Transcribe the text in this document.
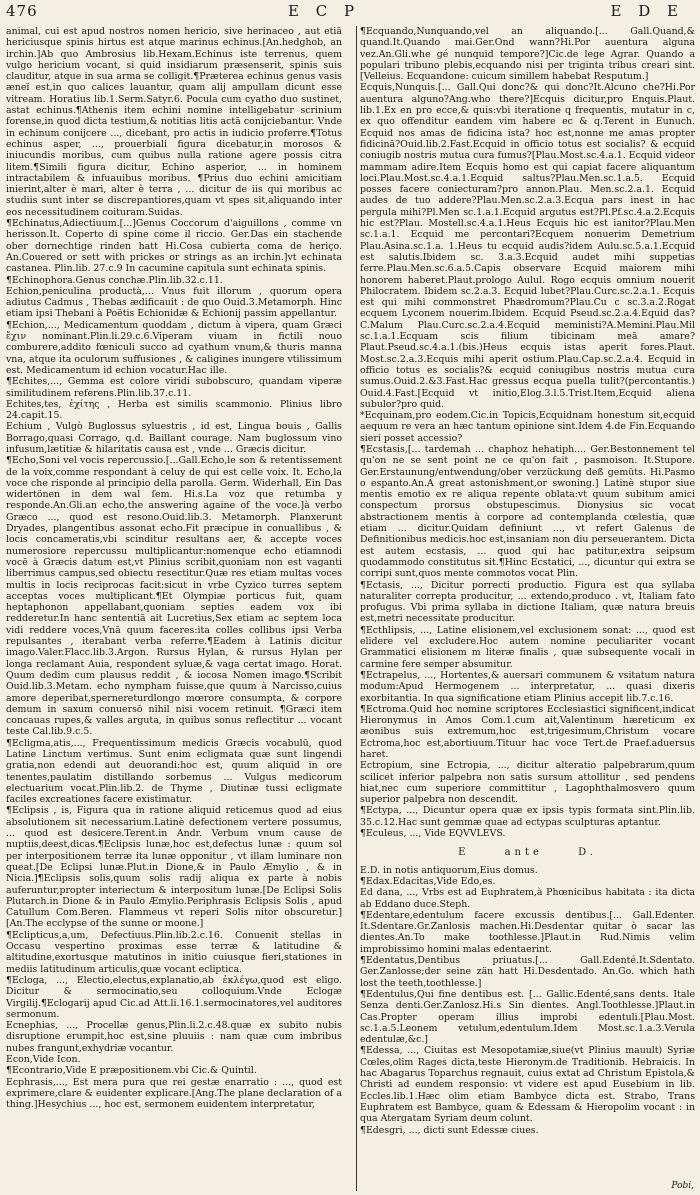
476	E C P	E D E

animal, cui est apud nostros nomen hericio, sive herinaceo , aut etiā hericiusque spinis hirtus est atque marinus echinus.[An.hedghob, an irchin.]Ab quo Ambrosius lib.Hexam.Echinus iste terrenus, quem vulgo hericium vocant, si quid insidiarum præsenserit, spinis suis clauditur, atque in sua arma se colligit.¶Præterea echinus genus vasis æneï est,in quo calices lauantur, quam alij ampullam dicunt esse vitream. Horatius lib.1.Serm.Satyr.6. Pocula cum cyatho duo sustinet, astat echinus.¶Athenis item echini nomine intelligebatur scrinium forense,in quod dicta testium,& notitias litis actā conijciebantur. Vnde in echinum conijcere ..., dicebant, pro actis in iudicio proferre.¶Totus echinus asper, ..., prouerbiali figura dicebatur,in morosos & iniucundis moribus, cum quibus nulla ratione agere possis citra litem.¶Simili figura dicitur, Echino asperior, ... in hominem intractabilem & infuauibus moribus. ¶Prius duo echini amicitiam inierint,alter è mari, alter è terra , ... dicitur de iis qui moribus ac studiis sunt inter se discrepantiores,quam vt spes sit,aliquando inter eos necessitudinem coituram.Suidas.

¶Echinatus,Adiectiuum.[...]Genus Coccorum d'aiguillons , comme vn herisson.It. Coperto di spine come il riccio. Ger.Das ein stachende ober dornechtige rinden hatt Hi.Cosa cubierta coma de heriço. An.Couered or sett with prickes or strings as an irchin.]vt echinata castanea. Plin.lib. 27.c.9 In cacumine capitula sunt echinata spinis.

¶Echinophora.Genus conchæ.Plin.lib.32.c.11.

Echion,peniculina productà,... Vnus fuit illorum , quorum opera adiutus Cadmus , Thebas ædificauit : de quo Ouid.3.Metamorph. Hinc etiam ipsi Thebani à Poëtis Echionidæ & Echionij passim appellantur.

¶Echion,..., Medicamentum quoddam , dictum à vipera, quam Græci ἔχιν nominant.Plin.li.29.c.6.Viperam viuam in fictili nouo comburere,addito fœniculi succo ad cyathum vnum,& thuris manna vna, atque ita oculorum suffusiones , & caligines inungere vtilissimum est. Medicamentum id echion vocatur.Hac ille.

¶Echites,..., Gemma est colore viridi subobscuro, quandam viperæ similitudinem referens.Plin.lib.37.c.11.

Echites,tes, ἐχίτης , Herba est similis scammonio. Plinius libro 24.capit.15.

Echium , Vulgò Buglossus syluestris , id est, Lingua bouis , Gallis Borrago,quasi Corrago, q.d. Baillant courage. Nam buglossum vino infusum,lætitiæ & hilaritatis causa est , vnde ... Græcis dicitur.

¶Echo,Soni vel vocis repercussio.[...Gall.Echo,le son & retentissement de la voix,comme respondant à celuy de qui est celle voix. It. Echo,la voce che risponde al principio della parolla. Germ. Widerhall, Ein Das widertönen in dem wal ſem. Hi.s.La voz que retumba y responde.An.Gli.an echo,the answering againe of the voce.]à verbo Græco ..., quod est resono.Ouid.lib.3. Metamorph. Planxerunt Dryades, plangentibus assonat echo.Fit præcipue in conuallibus , & locis concameratis,vbi scinditur resultans aer, & accepte voces numerosiore repercussu multiplicantur:nomenque echo etiamnodi vocē à Græcis datum est,vt Plinius scribit,quoniam non est vaganti liberrimus campus,sed obiectu resectitur.Quæ res etiam multas voces multis in locis reciprocas facit:sicut in vrbe Cyzico turres septem acceptas voces multiplicant.¶Et Olympiæ porticus fuit, quam heptaphonon appellabant,quoniam septies eadem vox ibi redderetur.In hanc sententiā ait Lucretius,Sex etiam ac septem loca vidi reddere voces,Vnā quum faceres:ita colles collibus ipsi Verba repulsantes , iterabant verba referre.¶Eadem à Latinis dicitur imago.Valer.Flacc.lib.3.Argon. Rursus Hylan, & rursus Hylan per longa reclamant Auia, respondent syluæ,& vaga certat imago. Horat. Quum dedim cum plausus reddit , & iocosa Nomen imago.¶Scribit Ouid.lib.3.Metam. echo nympham fuisse,que quum à Narcisso,cuius amore deperibat,spernereturdlongo mœrore consumpta, & corpore demum in saxum conuersō nihil nisi vocem retinuit. ¶Græci item concauas rupes,& valles arguta, in quibus sonus reflectitur ... vocant teste Cal.lib.9.c.5.

¶Ecligma,atis,..., Frequentissimum medicis Græcis vocabulū, quod Latine Linctum vertimus. Sunt enim ecligmata quæ sunt lingendi gratia,non edendi aut deuorandi:hoc est, quum aliquid in ore tenentes,paulatim distillando sorbemus ... Vulgus medicorum electuarium vocat.Plin.lib.2. de Thyme , Diutinæ tussi ecligmate faciles excreationes facere existimatur.

¶Eclipsis , is, Figura qua in ratione aliquid reticemus quod ad eius absolutionem sit necessarium.Latinè defectionem vertere possumus, ... quod est desicere.Terent.in Andr. Verbum vnum cause de nuptiis,deest,dicas.¶Eclipsis lunæ,hoc est,defectus lunæ : quum sol per interpositionem terræ ita lunæ opponitur , vt illam luminare non queat.[De Eclipsi lunæ.Plut.in Dione,& in Paulo Æmylio , & in Nicia.]¶Eclipsis solis,quum solis radij aliqua ex parte à nobis auferuntur,propter interiectum & interpositum lunæ.[De Eclipsi Solis Plutarch.in Dione & in Paulo Æmylio.Periphrasis Eclipsis Solis , apud Catullum Com.Beren. Flammeus vt reperi Solis nitor obscuretur.][An.The ecclypse of the sunne or moone.]

¶Eclipticus,a,um, Defectiuus.Plin.lib.2.c.16. Conuenit stellas in Occasu vespertino proximas esse terræ & latitudine & altitudine,exortusque matutinos in initio cuiusque fieri,stationes in mediis latitudinum articulis,quæ vocant ecliptica.

¶Ecloga, ..., Electio,electus,explanatio,ab ἐκλέγω,quod est eligo. Dicitur & sermocinatio,seu colloquium.Vnde Eclogæ Virgilij.¶Eclogarij apud Cic.ad Att.li.16.1.sermocinatores,vel auditores sermonum.

Ecnephias, ..., Procellæ genus,Plin.li.2.c.48.quæ ex subito nubis disruptione erumpit,hoc est,sine pluuiis : nam quæ cum imbribus nubes frangunt,exhydriæ vocantur.

Econ,Vide Icon.

¶Econtrario,Vide E præpositionem.vbi Cic.& Quintil.

Ecphrasis,..., Est mera pura que rei gestæ enarratio : ..., quod est exprimere,clare & euidenter explicare.[Ang.The plane declaration of a thing.]Hesychius ..., hoc est, sermonem euidentem interpretatur,

¶Ecquando,Nunquando,vel an aliquando.[... Gall.Quand,& quand.It.Quando mai.Ger.Ond wann?Hi.Por auentura alguna vez.An.Gli.whe gé nunquid tempore?]Cic.de lege Agrar. Quando a populari tribuno plebis,ecquando nisi per triginta tribus creari sint. [Velleius. Ecquandone: cuicum simillem habebat Resputum.]

Ecquis,Nunquis.[... Gall.Qui donc?& qui donc?It.Alcuno che?Hi.Por auentura alguno?Ang.who there?]Ecquis dicitur,pro Enquis.Plaut. lib.1.Ex en pro ecce,& quis:vbi iteratione q frequentis, mutatur in c, ex quo offenditur eandem vim habere ec & q.Terent in Eunuch. Ecquid nos amas de fidicina ista? hoc est,nonne me amas propter fidicinā?Ouid.lib.2.Fast.Ecquid in officio totus est socialis? & ecquid coniugib nostris mutua cura fumus?[Plau.Most.sc.4.a.1. Ecquid videor mammam adire.Item Ecquis homo est qui capiat facere aliquantum loci.Plau.Most.sc.4.a.1.Ecquid saltus?Plau.Men.sc.1.a.5. Ecquid posses facere coniecturam?pro annon.Plau. Men.sc.2.a.1. Ecquid audes de tuo addere?Plau.Men.sc.2.a.3.Ecqua pars inest in hac pergula mihi?Pl.Men sc.1.a.1.Ecquid argutus est?Pl.Pf.sc.4.a.2.Ecquis hic est?Plau. Mostell.sc.4.a.1.Heus Ecquis hic est ianitor?Plau.Men sc.1.a.1. Ecquid me percontari?Ecquem nonuerim Demetrium Plau.Asina.sc.1.a. 1.Heus tu ecquid audis?idem Aulu.sc.5.a.1.Ecquid est salutis.Ibidem sc. 3.a.3.Ecquid audet mihi suppetias ferre.Plau.Men.sc.6.a.5.Capis observare Ecquid maiorem mihi honorem haberet.Plaut.prologo Aulul. Rogo ecquis omnium nouerit Philocratem. Ibidem sc.2.a.3. Ecquid lubet?Plau.Curc.sc.2.a.1. Ecquis est qui mihi commonstret Phædromum?Plau.Cu c sc.3.a.2.Rogat ecquem Lyconem nouerim.Ibidem. Ecquid Pseud.sc.2.a.4.Equid das?C.Malum Plau.Curc.sc.2.a.4.Ecquid meministi?A.Memini.Plau.Mil sc.1.a.1.Ecquam scis filium tibicinam meā amare?Plaut.Pseud.sc.4.a.1.(bis.)Heus ecquis istas aperit fores.Plaut. Most.sc.2.a.3.Ecquis mihi aperit ostium.Plau.Cap.sc.2.a.4. Ecquid in officio totus es socialis?& ecquid coniugibus nostris mutua cura sumus.Ouid.2.&3.Fast.Hac gressus ecqua puella tulit?(percontantis.) Ouid.4.Fast.[Ecquid vt initio,Elog.3.l.5.Trist.Item,Ecquid aliena subulor?pro quid.

*Ecquinam,pro eodem.Cic.in Topicis,Ecquidnam honestum sit,ecquid aequum re vera an hæc tantum opinione sint.Idem 4.de Fin.Ecquando sieri posset accessio?

¶Ecstasis,[... tardemah ... chaphoz hehatiph.... Ger.Bestonnement tel qu'on ne se sent point ne ce qu'on fait , pasmoison. It.Stupore. Ger.Erstaunung/entwendung/ober verzückung deß gemüts. Hi.Pasmo o espanto.An.A great astonishment,or swoning.] Latinè stupor siue mentis emotio ex re aliqua repente oblata:vt quum subitum amici conspectum prorsus obstupescimus. Dionysius sic vocat abstractionem mentis à corpore ad contemplanda cœlestia, quæ etiam ... dicitur.Quidam definiunt ..., vt refert Galenus de Definitionibus medicis.hoc est,insaniam non diu perseuerantem. Dicta est autem ecstasis, ... quod qui hac patitur,extra seipsum quodammodo constitutus sit.¶Hinc Ecstatici, ..., dicuntur qui extra se corripi sunt,quos mente commotos vocat Plin.

¶Ectasis, ..., Dicitur porrecti productio. Figura est qua syllaba naturaliter correpta producitur, ... extendo,produco . vt, Italiam fato profugus. Vbi prima syllaba in dictione Italiam, quæ natura breuis est,metri necessitate producitur.

¶Ecthlipsis, ..., Latine elisionem,vel exclusionem sonat: ..., quod est elidere vel excludere.Hoc autem nomine peculiariter vocant Grammatici elisionem m literæ finalis , quæ subsequente vocali in carmine fere semper absumitur.

¶Ectrapelus, ..., Hortentes,& auersari communem & vsitatum natura modum:Apud Hermogenem ... interpretatur, ... quasi dixeris exorbitantia. In qua significatione etiam Plinius accepit lib.7.c.16.

¶Ectroma.Quid hoc nomine scriptores Ecclesiastici significent,indicat Hieronymus in Amos Com.1.cum ait,Valentinum hæreticum ex æonibus suis extremum,hoc est,trigesimum,Christum vocare Ectroma,hoc est,abortiuum.Tituur hac voce Tert.de Praef.aduersus haret.

Ectropium, sine Ectropia, ..., dicitur alteratio palpebrarum,quum scilicet inferior palpebra non satis sursum attollitur , sed pendens hiat,nec cum superiore committitur , Lagophthalmosvero quum superior palpebra non descendit.

¶Ectypa, ..., Dicuntur opera quæ ex ipsis typis formata sint.Plin.lib. 35.c.12.Hac sunt gemmæ quae ad ectypas sculpturas aptantur.

¶Eculeus, ..., Vide EQVVLEVS.

E	ante	D.

E.D. in notis antiquorum,Eius domus.

¶Edax.Edacitas,Vide Edo,es.

Ed dana, ..., Vrbs est ad Euphratem,à Phœnicibus habitata : ita dicta ab Eddano duce.Steph.

¶Edentare,edentulum facere excussis dentibus.[... Gall.Edenter. It.Sdentare.Gr.Zanlosis machen.Hi.Desdentar quitar ò sacar las dientes.An.To make toothlesse.]Plaut.in Rud.Nimis velim improbissimo homini malas edentaerint.

¶Edentatus,Dentibus priuatus.[... Gall.Edenté.It.Sdentato. Ger.Zanlosse;der seine zän hatt Hi.Desdentado. An.Go. which hath lost the teeth,toothlesse.]

¶Edentulus,Qui fine dentibus est. [... Gallic.Edenté,sans dents. Itale Senza denti.Ger.Zanlosz.Hi.s Sin dientes. Angl.Toothlesse.]Plaut.in Cas.Propter operam illius improbi edentuli.[Plau.Most. sc.1.a.5.Leonem vetulum,edentulum.Idem Most.sc.1.a.3.Verula edentulæ,&c.]

¶Edessa, ..., Ciuitas est Mesopotamiæ,siue(vt Plinius mauult) Syriæ Cœles,olim Rages dicta,teste Hieronym.de Traditionib. Hebraicis. In hac Abagarus Toparchus regnauit, cuius extat ad Christum Epistola,& Christi ad eundem responsio: vt videre est apud Eusebium in lib. Eccles.lib.1.Hæc olim etiam Bambyce dicta est. Strabo, Trans Euphratem est Bambyce, quam & Edessam & Hieropolim vocant : in qua Atergatam Syriam deum colunt.

¶Edesgri, ..., dicti sunt Edessæ ciues.

Pobi,
